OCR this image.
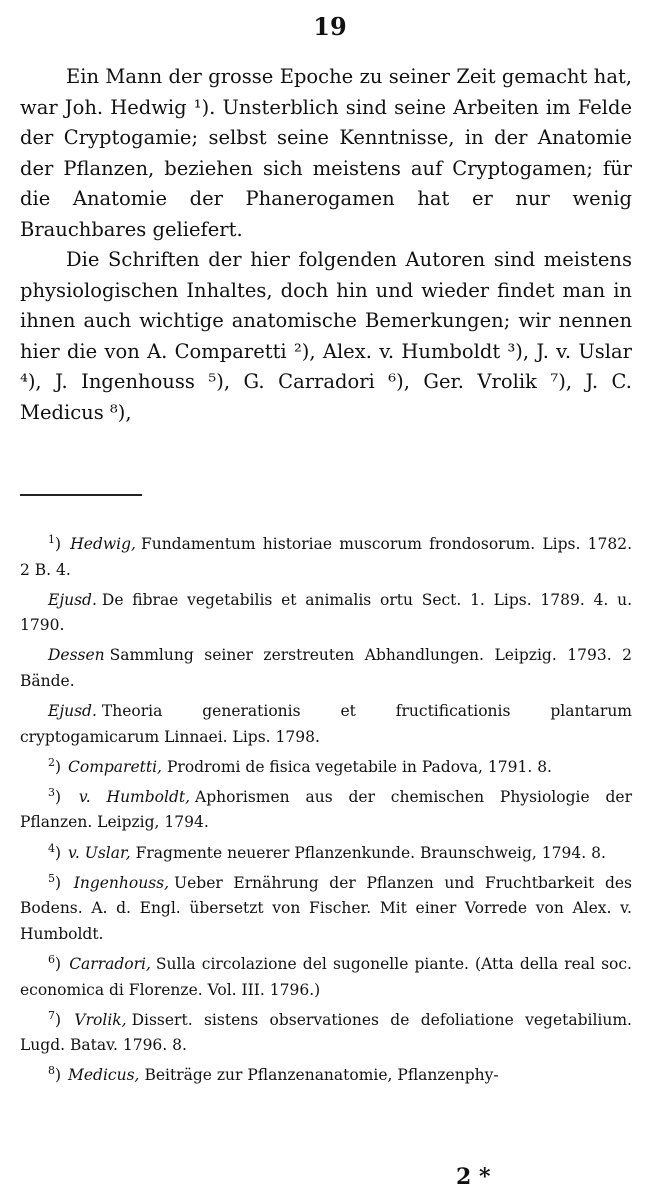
19

Ein Mann der grosse Epoche zu seiner Zeit gemacht hat, war Joh. Hedwig ¹). Unsterblich sind seine Arbeiten im Felde der Cryptogamie; selbst seine Kenntnisse, in der Anatomie der Pflanzen, beziehen sich meistens auf Cryptogamen; für die Anatomie der Phanerogamen hat er nur wenig Brauchbares geliefert.

Die Schriften der hier folgenden Autoren sind meistens physiologischen Inhaltes, doch hin und wieder findet man in ihnen auch wichtige anatomische Bemerkungen; wir nennen hier die von A. Comparetti ²), Alex. v. Humboldt ³), J. v. Uslar ⁴), J. Ingenhouss ⁵), G. Carradori ⁶), Ger. Vrolik ⁷), J. C. Medicus ⁸),

$^1$) Hedwig, Fundamentum historiae muscorum frondosorum. Lips. 1782. 2 B. 4.

Ejusd. De fibrae vegetabilis et animalis ortu Sect. 1. Lips. 1789. 4. u. 1790.

Dessen Sammlung seiner zerstreuten Abhandlungen. Leipzig. 1793. 2 Bände.

Ejusd. Theoria generationis et fructificationis plantarum cryptogamicarum Linnaei. Lips. 1798.

$^2$) Comparetti, Prodromi de fisica vegetabile in Padova, 1791. 8.

$^3$) v. Humboldt, Aphorismen aus der chemischen Physiologie der Pflanzen. Leipzig, 1794.

$^4$) v. Uslar, Fragmente neuerer Pflanzenkunde. Braunschweig, 1794. 8.

$^5$) Ingenhouss, Ueber Ernährung der Pflanzen und Fruchtbarkeit des Bodens. A. d. Engl. übersetzt von Fischer. Mit einer Vorrede von Alex. v. Humboldt.

$^6$) Carradori, Sulla circolazione del sugonelle piante. (Atta della real soc. economica di Florenze. Vol. III. 1796.)

$^7$) Vrolik, Dissert. sistens observationes de defoliatione vegetabilium. Lugd. Batav. 1796. 8.

$^8$) Medicus, Beiträge zur Pflanzenanatomie, Pflanzenphy-

2 *
